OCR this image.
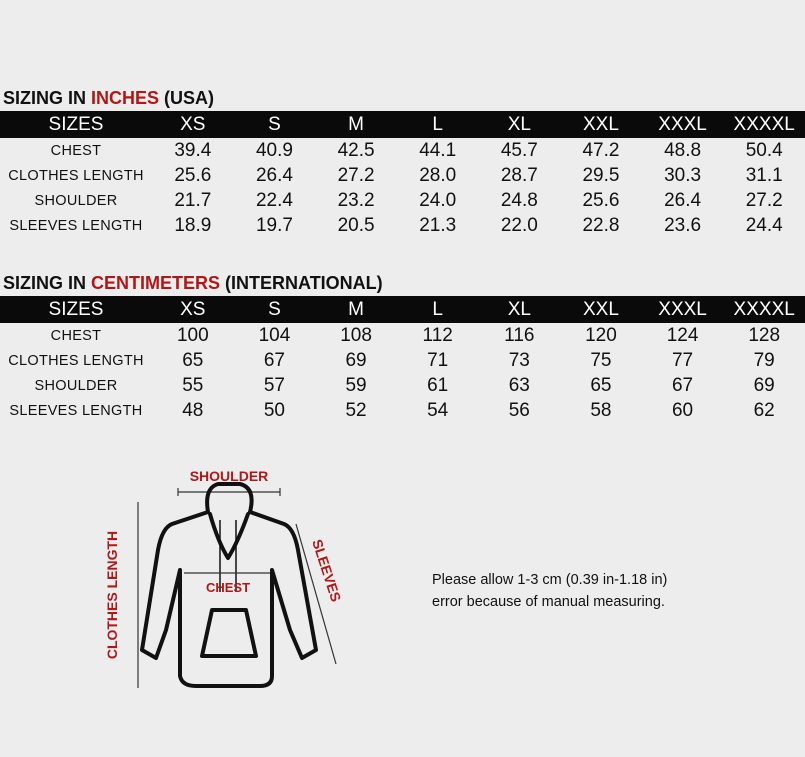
SIZING IN INCHES (USA)
SIZES	XS	S	M	L	XL	XXL	XXXL	XXXXL
CHEST	39.4	40.9	42.5	44.1	45.7	47.2	48.8	50.4
CLOTHES LENGTH	25.6	26.4	27.2	28.0	28.7	29.5	30.3	31.1
SHOULDER	21.7	22.4	23.2	24.0	24.8	25.6	26.4	27.2
SLEEVES LENGTH	18.9	19.7	20.5	21.3	22.0	22.8	23.6	24.4
SIZING IN CENTIMETERS (INTERNATIONAL)
SIZES	XS	S	M	L	XL	XXL	XXXL	XXXXL
CHEST	100	104	108	112	116	120	124	128
CLOTHES LENGTH	65	67	69	71	73	75	77	79
SHOULDER	55	57	59	61	63	65	67	69
SLEEVES LENGTH	48	50	52	54	56	58	60	62
SHOULDER
CLOTHES LENGTH	SLEEVES
CHEST	Please allow 1-3 cm (0.39 in-1.18 in)
error because of manual measuring.
